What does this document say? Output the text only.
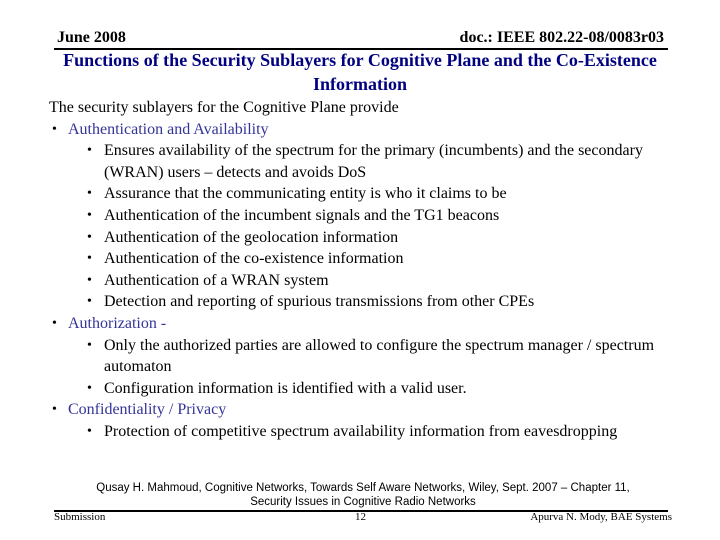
June 2008	doc.: IEEE 802.22-08/0083r03
Functions of the Security Sublayers for Cognitive Plane and the Co-Existence Information

The security sublayers for the Cognitive Plane provide

• Authentication and Availability
• Ensures availability of the spectrum for the primary (incumbents) and the secondary (WRAN) users – detects and avoids DoS
• Assurance that the communicating entity is who it claims to be
• Authentication of the incumbent signals and the TG1 beacons
• Authentication of the geolocation information
• Authentication of the co-existence information
• Authentication of a WRAN system
• Detection and reporting of spurious transmissions from other CPEs
• Authorization -
• Only the authorized parties are allowed to configure the spectrum manager / spectrum automaton
• Configuration information is identified with a valid user.
• Confidentiality / Privacy
• Protection of competitive spectrum availability information from eavesdropping
Qusay H. Mahmoud, Cognitive Networks, Towards Self Aware Networks, Wiley, Sept. 2007 – Chapter 11, Security Issues in Cognitive Radio Networks
Submission	12	Apurva N. Mody, BAE Systems
